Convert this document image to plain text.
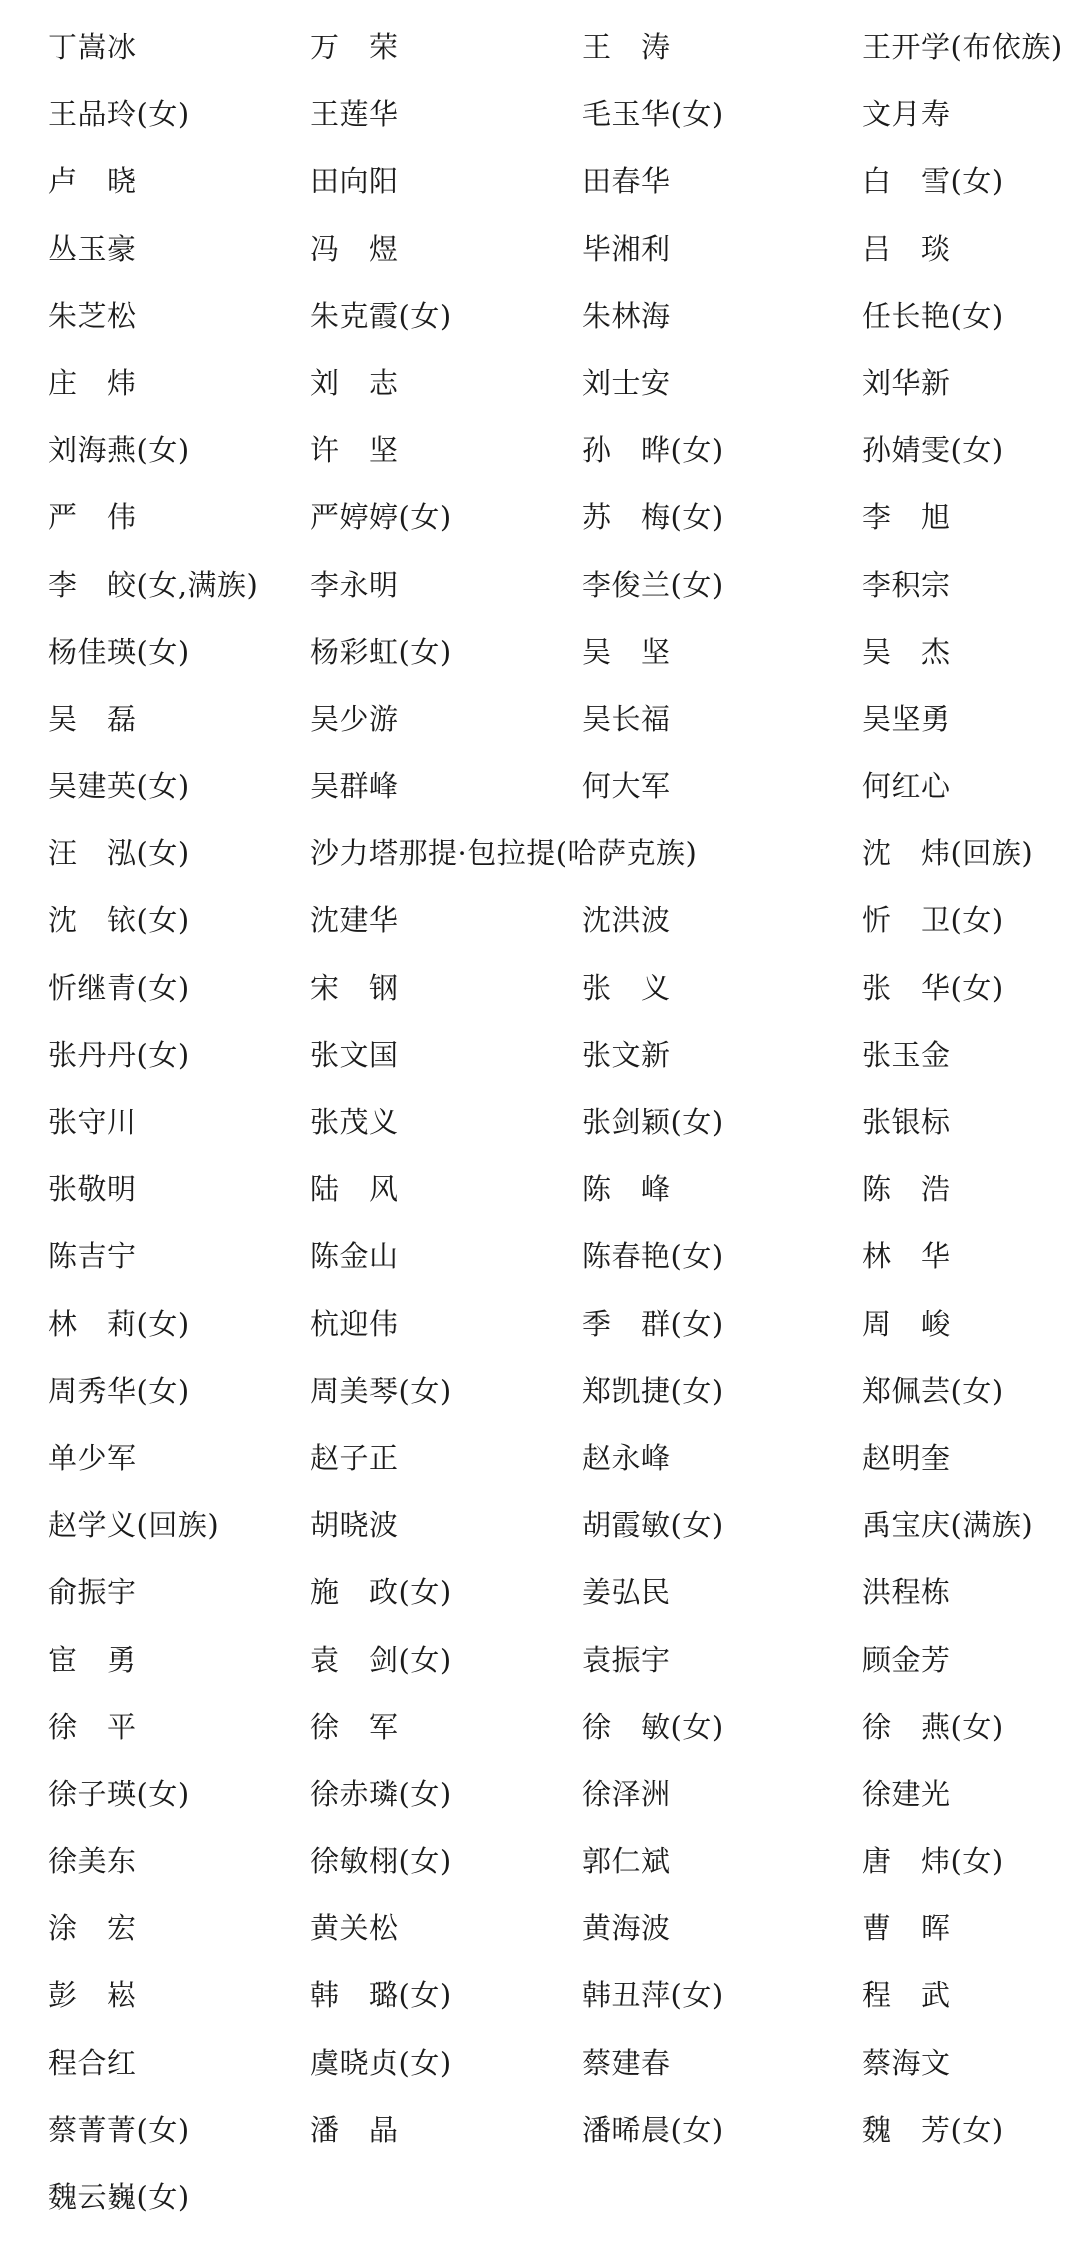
丁嵩冰	万　荣	王　涛	王开学(布依族)
王品玲(女)	王莲华	毛玉华(女)	文月寿
卢　晓	田向阳	田春华	白　雪(女)
丛玉豪	冯　煜	毕湘利	吕　琰
朱芝松	朱克霞(女)	朱林海	任长艳(女)
庄　炜	刘　志	刘士安	刘华新
刘海燕(女)	许　坚	孙　晔(女)	孙婧雯(女)
严　伟	严婷婷(女)	苏　梅(女)	李　旭
李　皎(女,满族) 李永明	李俊兰(女)	李积宗
杨佳瑛(女)	杨彩虹(女)	吴　坚	吴　杰
吴　磊	吴少游	吴长福	吴坚勇
吴建英(女)	吴群峰	何大军	何红心
汪　泓(女)	沙力塔那提·包拉提(哈萨克族)	沈　炜(回族)
沈　铱(女)	沈建华	沈洪波	忻　卫(女)
忻继青(女)	宋　钢	张　义	张　华(女)
张丹丹(女)	张文国	张文新	张玉金
张守川	张茂义	张剑颖(女)	张银标
张敬明	陆　风	陈　峰	陈　浩
陈吉宁	陈金山	陈春艳(女)	林　华
林　莉(女)	杭迎伟	季　群(女)	周　峻
周秀华(女)	周美琴(女)	郑凯捷(女)	郑佩芸(女)
单少军	赵子正	赵永峰	赵明奎
赵学义(回族)	胡晓波	胡霞敏(女)	禹宝庆(满族)
俞振宇	施　政(女)	姜弘民	洪程栋
宦　勇	袁　剑(女)	袁振宇	顾金芳
徐　平	徐　军	徐　敏(女)	徐　燕(女)
徐子瑛(女)	徐赤璘(女)	徐泽洲	徐建光
徐美东	徐敏栩(女)	郭仁斌	唐　炜(女)
涂　宏	黄关松	黄海波	曹　晖
彭　崧	韩　璐(女)	韩丑萍(女)	程　武
程合红	虞晓贞(女)	蔡建春	蔡海文
蔡菁菁(女)	潘　晶	潘晞晨(女)	魏　芳(女)
魏云巍(女)
